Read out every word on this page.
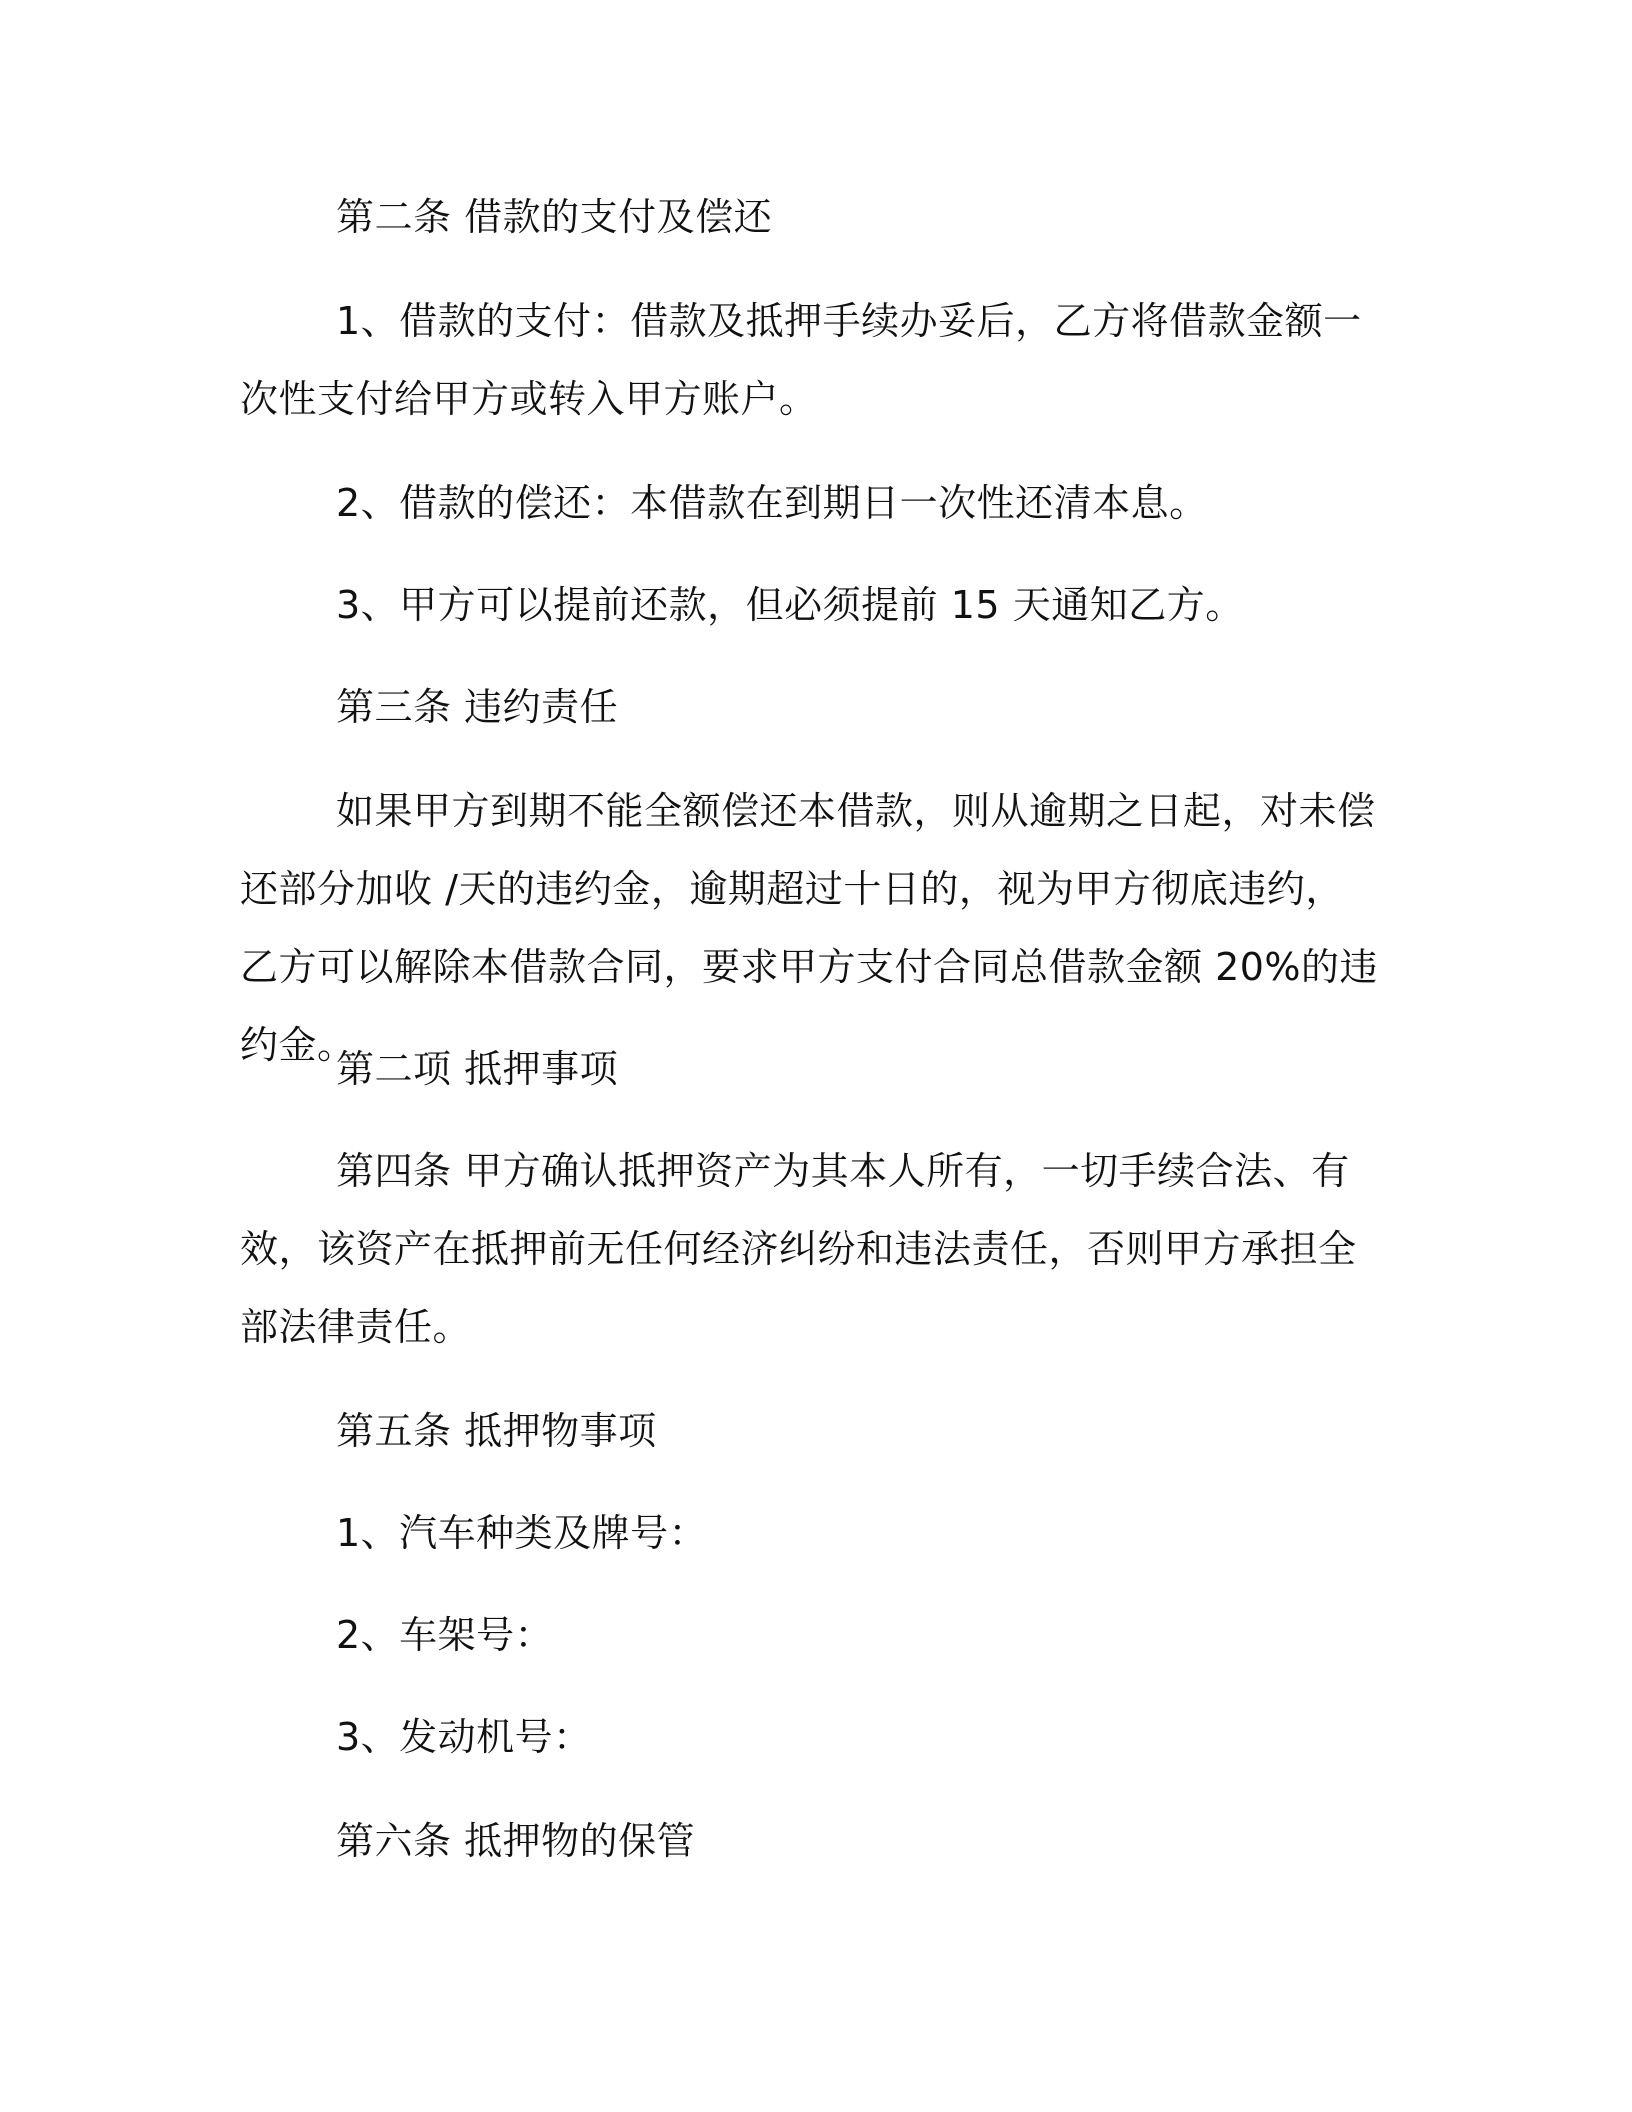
第二条 借款的支付及偿还

1、借款的支付：借款及抵押手续办妥后，乙方将借款金额一次性支付给甲方或转入甲方账户。

2、借款的偿还：本借款在到期日一次性还清本息。

3、甲方可以提前还款，但必须提前 15 天通知乙方。

第三条 违约责任

如果甲方到期不能全额偿还本借款，则从逾期之日起，对未偿还部分加收 /天的违约金，逾期超过十日的，视为甲方彻底违约，乙方可以解除本借款合同，要求甲方支付合同总借款金额 20%的违约金。

第二项 抵押事项

第四条 甲方确认抵押资产为其本人所有，一切手续合法、有效，该资产在抵押前无任何经济纠纷和违法责任，否则甲方承担全部法律责任。

第五条 抵押物事项

1、汽车种类及牌号：

2、车架号：

3、发动机号：

第六条 抵押物的保管
